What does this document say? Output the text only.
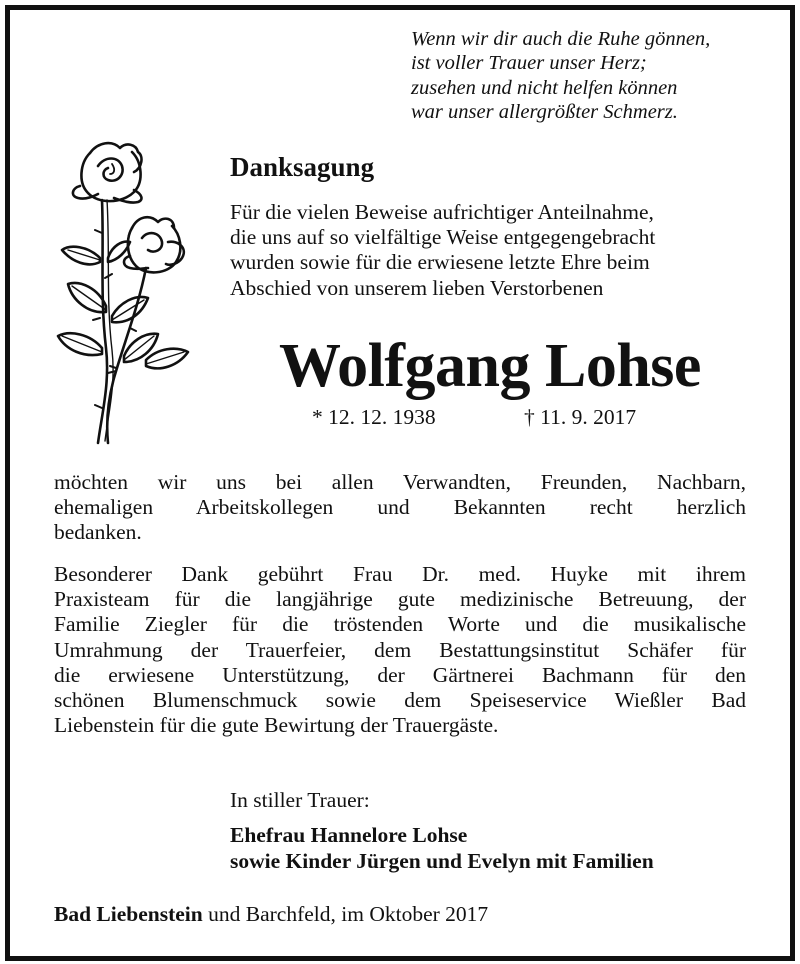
Wenn wir dir auch die Ruhe gönnen,
ist voller Trauer unser Herz;
zusehen und nicht helfen können
war unser allergrößter Schmerz.
Danksagung
Für die vielen Beweise aufrichtiger Anteilnahme,
die uns auf so vielfältige Weise entgegengebracht
wurden sowie für die erwiesene letzte Ehre beim
Abschied von unserem lieben Verstorbenen
Wolfgang Lohse
* 12. 12. 1938	† 11. 9. 2017
möchten wir uns bei allen Verwandten, Freunden, Nachbarn,
ehemaligen Arbeitskollegen und Bekannten recht herzlich
bedanken.
Besonderer Dank gebührt Frau Dr. med. Huyke mit ihrem
Praxisteam für die langjährige gute medizinische Betreuung, der
Familie Ziegler für die tröstenden Worte und die musikalische
Umrahmung der Trauerfeier, dem Bestattungsinstitut Schäfer für
die erwiesene Unterstützung, der Gärtnerei Bachmann für den
schönen Blumenschmuck sowie dem Speiseservice Wießler Bad
Liebenstein für die gute Bewirtung der Trauergäste.
In stiller Trauer:
Ehefrau Hannelore Lohse
sowie Kinder Jürgen und Evelyn mit Familien
Bad Liebenstein und Barchfeld, im Oktober 2017
